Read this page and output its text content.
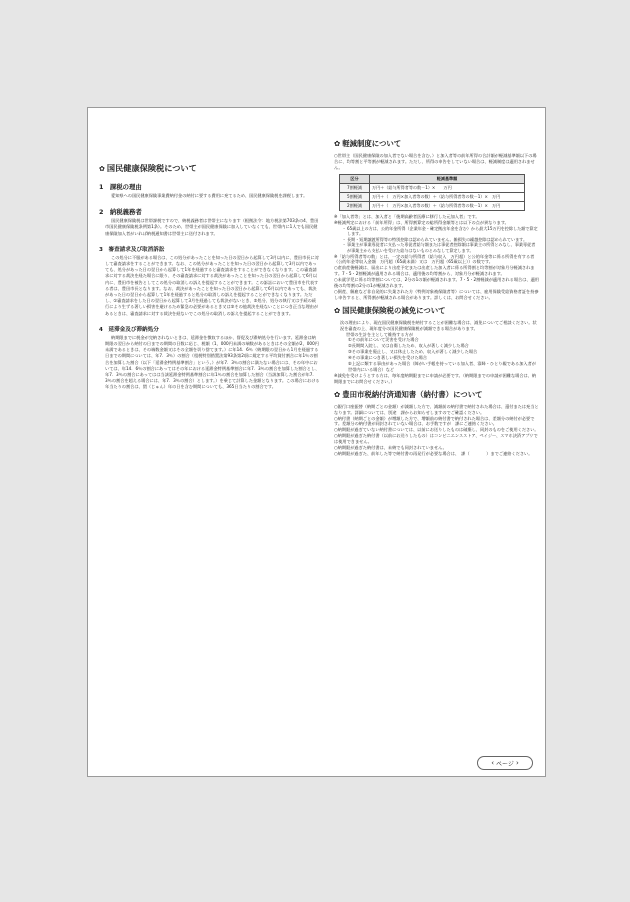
✿ 国民健康保険税について
1　課税の理由
愛知県への国民健康保険事業費納付金の納付に要する費用に充てるため、国民健康保険税を課税します。
2　納税義務者
国民健康保険税は世帯課税ですので、納税義務者は世帯主になります（根拠法令：地方税法第703条の4、豊田市国民健康保険税条例第1条）。そのため、世帯主が国民健康保険に加入していなくても、世帯内に1人でも国民健康保険加入者がいれば納税通知書は世帯主に送付されます。
3　審査請求及び取消訴訟
この処分に不服がある場合は、この処分があったことを知った日の翌日から起算して3月以内に、豊田市長に対して審査請求をすることができます。なお、この処分があったことを知った日の翌日から起算して3月以内であっても、処分があった日の翌日から起算して1年を経過すると審査請求をすることができなくなります。この審査請求に対する裁決を経た場合に限り、その審査請求に対する裁決があったことを知った日の翌日から起算して6月以内に、豊田市を被告としてこの処分の取消しの訴えを提起することができます。この訴訟において豊田市を代表する者は、豊田市長となります。なお、裁決があったことを知った日の翌日から起算して6月以内であっても、裁決があった日の翌日から起算して1年を経過すると処分の取消しの訴えを提起することができなくなります。ただし、①審査請求をした日の翌日から起算して3月を経過しても裁決がないとき、②処分、処分の執行又は手続の続行により生ずる著しい損害を避けるため緊急の必要があるとき又は③その他裁決を経ないことにつき正当な理由があるときは、審査請求に対する裁決を経ないでこの処分の取消しの訴えを提起することができます。
4　延滞金及び滞納処分
納期限までに税金が完納されないときは、延滞金を徴収するほか、督促及び滞納処分を行います。延滞金は納期限の翌日から納付の日までの期間の日数に応じ、税額（1，000円未満の端数があるときはその全額が2，000円未満であるときは、その端数金額又はその全額を切り捨てます。）に年14．6％（納期限の翌日から1月を経過する日までの期間については、年7．3％）の割合（租税特別措置法第93条第2項に規定する平均貸付割合に年1％の割合を加算した割合（以下「延滞金特例基準割合」という。）が年7．3％の割合に満たない場合には、その年中においては、年14．6％の割合にあってはその年における延滞金特例基準割合に年7．3％の割合を加算した割合とし、年7．3％の割合にあってはは当該延滞金特例基準割合に年1％の割合を加算した割合（当該加算した割合が年7．3％の割合を超える場合には、年7．3％の割合）とします。）を乗じて計算した金額となります。この場合における年当たりの割合は、閏（じゅん）年の日を含む期間についても、365日当たりの割合です。
✿ 軽減制度について
○世帯主（国民健康保険の加入者でない場合を含む。）と加入者等の前年所得の合計額が軽減基準額以下の場合に、均等割と平等割が軽減されます。ただし、所得の申告をしていない場合は、軽減制度は適用されません。
区分	軽減基準額
7割軽減	万円＋（給与所得者等の数－1）×　　万円
5割軽減	万円＋（　万円×加入者等の数）＋（給与所得者等の数－1）×　万円
2割軽減	万円＋（　万円×加入者等の数）＋（給与所得者等の数－1）×　万円
※「加入者等」とは、加入者と「後期高齢者医療に移行した元加入者」です。
※軽減判定における「前年所得」は、所得割算定の総所得金額等とは以下の点が異なります。
・ 65歳以上の方は、公的年金所得（企業年金・確定拠出年金を含む）から最大15万円を控除した額で算定します。
・ 長期・短期譲渡所得等の特別控除は認められていません。雑損失の繰越控除は認められています。
・ 事業主が事業専従者に支払った専従者給与額または事従者控除額は事業主の所得とみなし、事業専従者が事業主から支払いを受けた給与はないものとみなして算定します。
※「給与所得者等の数」とは、一定の給与所得者（給与収入　万円超）と公的年金等に係る所得を有する者（公的年金等収入金額　万円超（65歳未満）又は　万円超（65歳以上））の数です。
○産前産後軽減は、届出により出産予定または出産した加入者に係る所得割と均等割が対象月分軽減されます。7・5・2割軽減が適用される場合は、適用後の均等割から、対象月分が軽減されます。
○未就学児に係る均等割については、2分の1の額が軽減されます。7・5・2割軽減が適用される場合は、適用後の均等割の2分の1が軽減されます。
○倒産、解雇など非自発的に失業された方（特例対象被保険者等）については、雇用保険受給資格者証を持参し申告すると、所得割が軽減される場合があります。詳しくは、お問合せください。
✿ 国民健康保険税の減免について
次の理由により、現在国民健康保険税を納付することが困難な場合は、減免についてご相談ください。状況を審査の上、現年度分の国民健康保険税が減額できる場合があります。
世帯の生計を主として維持する方が
①その前年について災害を受けた場合
②長期間入院し、又は自傷したため、収入が著しく減少した場合
③その事業を廃止し、又は休止したため、収入が著しく減少した場合
④その事業につき著しい損失を受けた場合
⑤上記に類する事由があった場合（障がい手帳を持っている加入者、寡婦・ひとり親である加入者が世帯内にいる場合）など
※減免を受けようとする方は、毎年度納期限までに申請が必要です。（納期限までの申請が困難な場合は、納期限までにお問合せください。）
✿ 豊田市税納付済通知書（納付書）について
○銀行口座振替（納期ごとの金額）が減額した方で、減額前の納付書で納付された場合は、還付または充当となります。詳細については、別途　課からお知らせしますのでご確認ください。
○納付書（納期ごとの金額）が増額した方で、増額前の納付書で納付された場合は、差額分の納付が必要です。差額分の納付書が同封されていない場合は、お手数ですが　課にご連絡ください。
○納期限が過ぎていない納付書については、以前にお送りしたものは破棄し、同封のものをご使用ください。
○納期限が過ぎた納付書（以前にお送りしたもの）はコンビニエンスストア、ペイジー、スマホ決済アプリでは使用できません。
○納期限が過ぎた納付書は、未納でも同封されていません。
○納期限が過ぎた、前年した等で納付書の再発行が必要な場合は、　課（　　　　）までご連絡ください。
‹ ページ ›
